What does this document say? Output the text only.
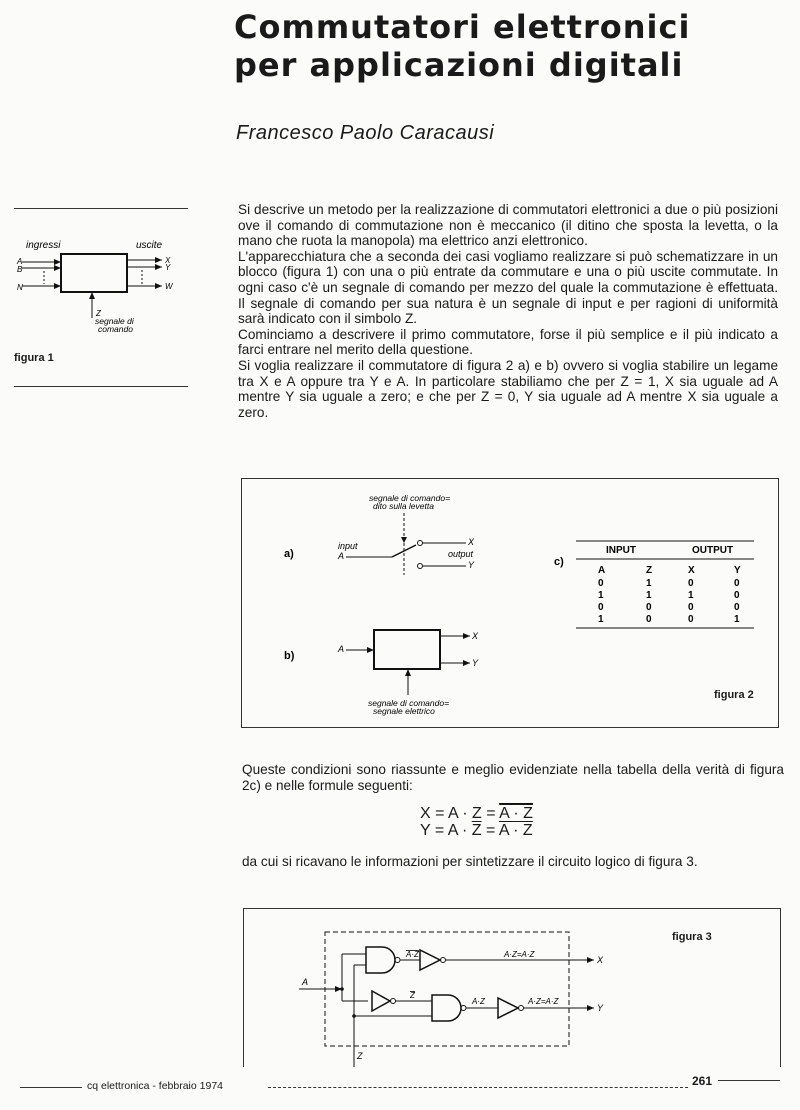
Commutatori elettronici
per applicazioni digitali
Francesco Paolo Caracausi
ingressi	uscite
A
B
N
X
Y
W
Z
segnale di
comando
figura 1

Si descrive un metodo per la realizzazione di commutatori elettronici a due o più posizioni ove il comando di commutazione non è meccanico (il ditino che sposta la levetta, o la mano che ruota la manopola) ma elettrico anzi elettronico.

L'apparecchiatura che a seconda dei casi vogliamo realizzare si può schematizzare in un blocco (figura 1) con una o più entrate da commutare e una o più uscite commutate. In ogni caso c'è un segnale di comando per mezzo del quale la commutazione è effettuata. Il segnale di comando per sua natura è un segnale di input e per ragioni di uniformità sarà indicato con il simbolo Z.

Cominciamo a descrivere il primo commutatore, forse il più semplice e il più indicato a farci entrare nel merito della questione.

Si voglia realizzare il commutatore di figura 2 a) e b) ovvero si voglia stabilire un legame tra X e A oppure tra Y e A. In particolare stabiliamo che per Z = 1, X sia uguale ad A mentre Y sia uguale a zero; e che per Z = 0, Y sia uguale ad A mentre X sia uguale a zero.

a)
b)
c)
segnale di comando=
dito sulla levetta
input
A
X
output
Y
A
X
Y
segnale di comando=
segnale elettrico
INPUT	OUTPUT
A	Z	X	Y
0	1	0	0
1	1	1	0
0	0	0	0
1	0	0	1
figura 2
Queste condizioni sono riassunte e meglio evidenziate nella tabella della verità di figura 2c) e nelle formule seguenti:
X = A · Z = A · Z
$Y = A \cdot \overline{Z} = A \cdot Z$
da cui si ricavano le informazioni per sintetizzare il circuito logico di figura 3.
A
Z
A·Z
X
A·Z=A·Z
Z
A·Z
Y
A·Z=A·Z
figura 3
cq elettronica - febbraio 1974	261
